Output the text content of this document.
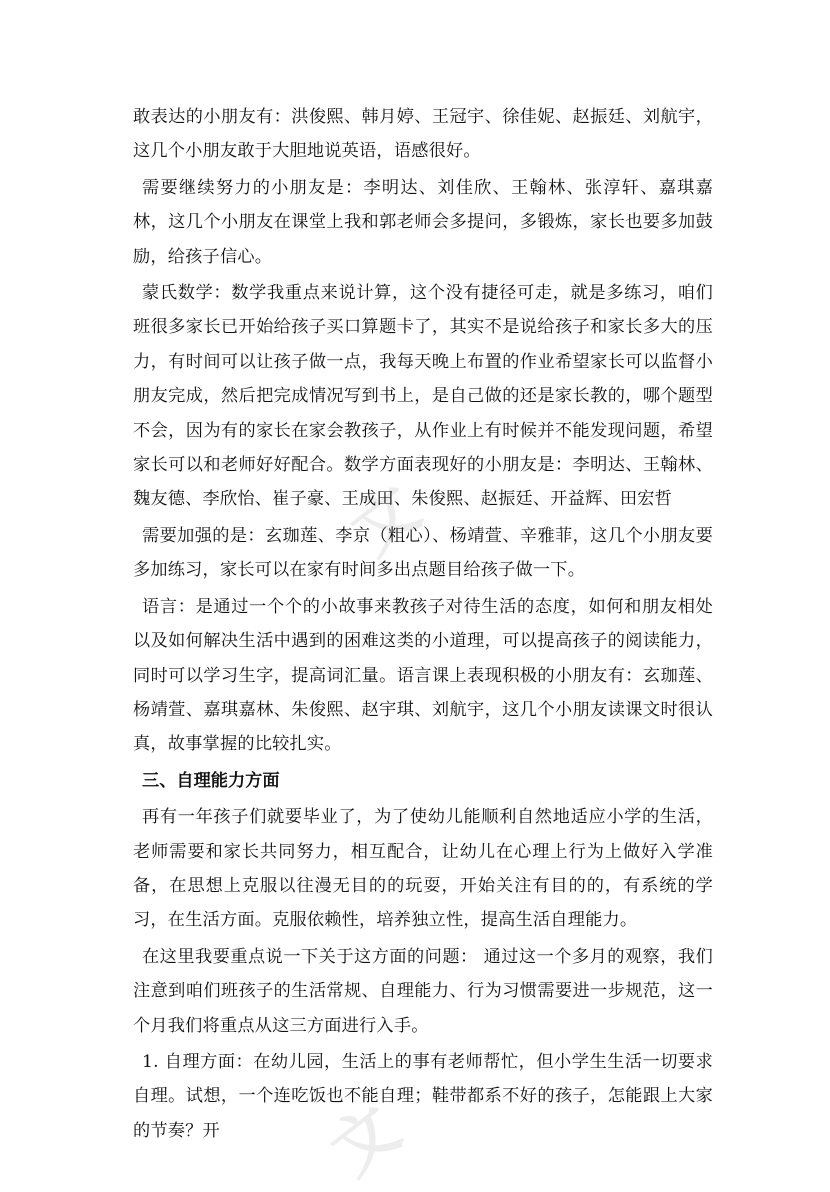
文
文

敢表达的小朋友有：洪俊熙、韩月婷、王冠宇、徐佳妮、赵振廷、刘航宇，这几个小朋友敢于大胆地说英语，语感很好。

需要继续努力的小朋友是：李明达、刘佳欣、王翰林、张淳轩、嘉琪嘉林，这几个小朋友在课堂上我和郭老师会多提问，多锻炼，家长也要多加鼓励，给孩子信心。

蒙氏数学：数学我重点来说计算，这个没有捷径可走，就是多练习，咱们班很多家长已开始给孩子买口算题卡了，其实不是说给孩子和家长多大的压力，有时间可以让孩子做一点，我每天晚上布置的作业希望家长可以监督小朋友完成，然后把完成情况写到书上，是自己做的还是家长教的，哪个题型不会，因为有的家长在家会教孩子，从作业上有时候并不能发现问题，希望家长可以和老师好好配合。数学方面表现好的小朋友是：李明达、王翰林、魏友德、李欣怡、崔子豪、王成田、朱俊熙、赵振廷、开益辉、田宏哲

需要加强的是：玄珈莲、李京（粗心）、杨靖萱、辛雅菲，这几个小朋友要多加练习，家长可以在家有时间多出点题目给孩子做一下。

语言：是通过一个个的小故事来教孩子对待生活的态度，如何和朋友相处以及如何解决生活中遇到的困难这类的小道理，可以提高孩子的阅读能力，同时可以学习生字，提高词汇量。语言课上表现积极的小朋友有：玄珈莲、杨靖萱、嘉琪嘉林、朱俊熙、赵宇琪、刘航宇，这几个小朋友读课文时很认真，故事掌握的比较扎实。

三、自理能力方面

再有一年孩子们就要毕业了，为了使幼儿能顺利自然地适应小学的生活，老师需要和家长共同努力，相互配合，让幼儿在心理上行为上做好入学准备，在思想上克服以往漫无目的的玩耍，开始关注有目的的，有系统的学习，在生活方面。克服依赖性，培养独立性，提高生活自理能力。

在这里我要重点说一下关于这方面的问题： 通过这一个多月的观察，我们注意到咱们班孩子的生活常规、自理能力、行为习惯需要进一步规范，这一个月我们将重点从这三方面进行入手。

1. 自理方面：在幼儿园，生活上的事有老师帮忙，但小学生生活一切要求自理。试想，一个连吃饭也不能自理；鞋带都系不好的孩子，怎能跟上大家的节奏？开
